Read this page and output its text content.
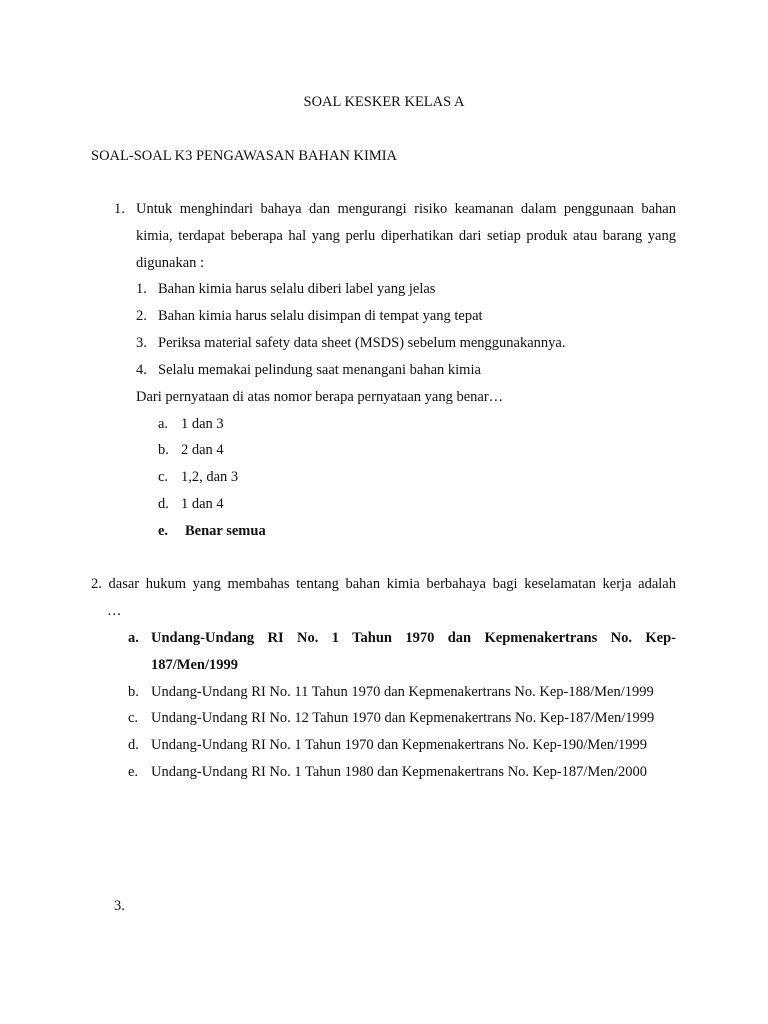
SOAL KESKER KELAS A
SOAL-SOAL K3 PENGAWASAN BAHAN KIMIA
1. Untuk menghindari bahaya dan mengurangi risiko keamanan dalam penggunaan bahan
kimia, terdapat beberapa hal yang perlu diperhatikan dari setiap produk atau barang yang
digunakan :
1. Bahan kimia harus selalu diberi label yang jelas
2. Bahan kimia harus selalu disimpan di tempat yang tepat
3. Periksa material safety data sheet (MSDS) sebelum menggunakannya.
4. Selalu memakai pelindung saat menangani bahan kimia
Dari pernyataan di atas nomor berapa pernyataan yang benar…
a. 1 dan 3
b. 2 dan 4
c. 1,2, dan 3
d. 1 dan 4
e. Benar semua
2. dasar hukum yang membahas tentang bahan kimia berbahaya bagi keselamatan kerja adalah
…
a. Undang-Undang RI No. 1 Tahun 1970 dan Kepmenakertrans No. Kep-
187/Men/1999
b. Undang-Undang RI No. 11 Tahun 1970 dan Kepmenakertrans No. Kep-188/Men/1999
c. Undang-Undang RI No. 12 Tahun 1970 dan Kepmenakertrans No. Kep-187/Men/1999
d. Undang-Undang RI No. 1 Tahun 1970 dan Kepmenakertrans No. Kep-190/Men/1999
e. Undang-Undang RI No. 1 Tahun 1980 dan Kepmenakertrans No. Kep-187/Men/2000
3.
